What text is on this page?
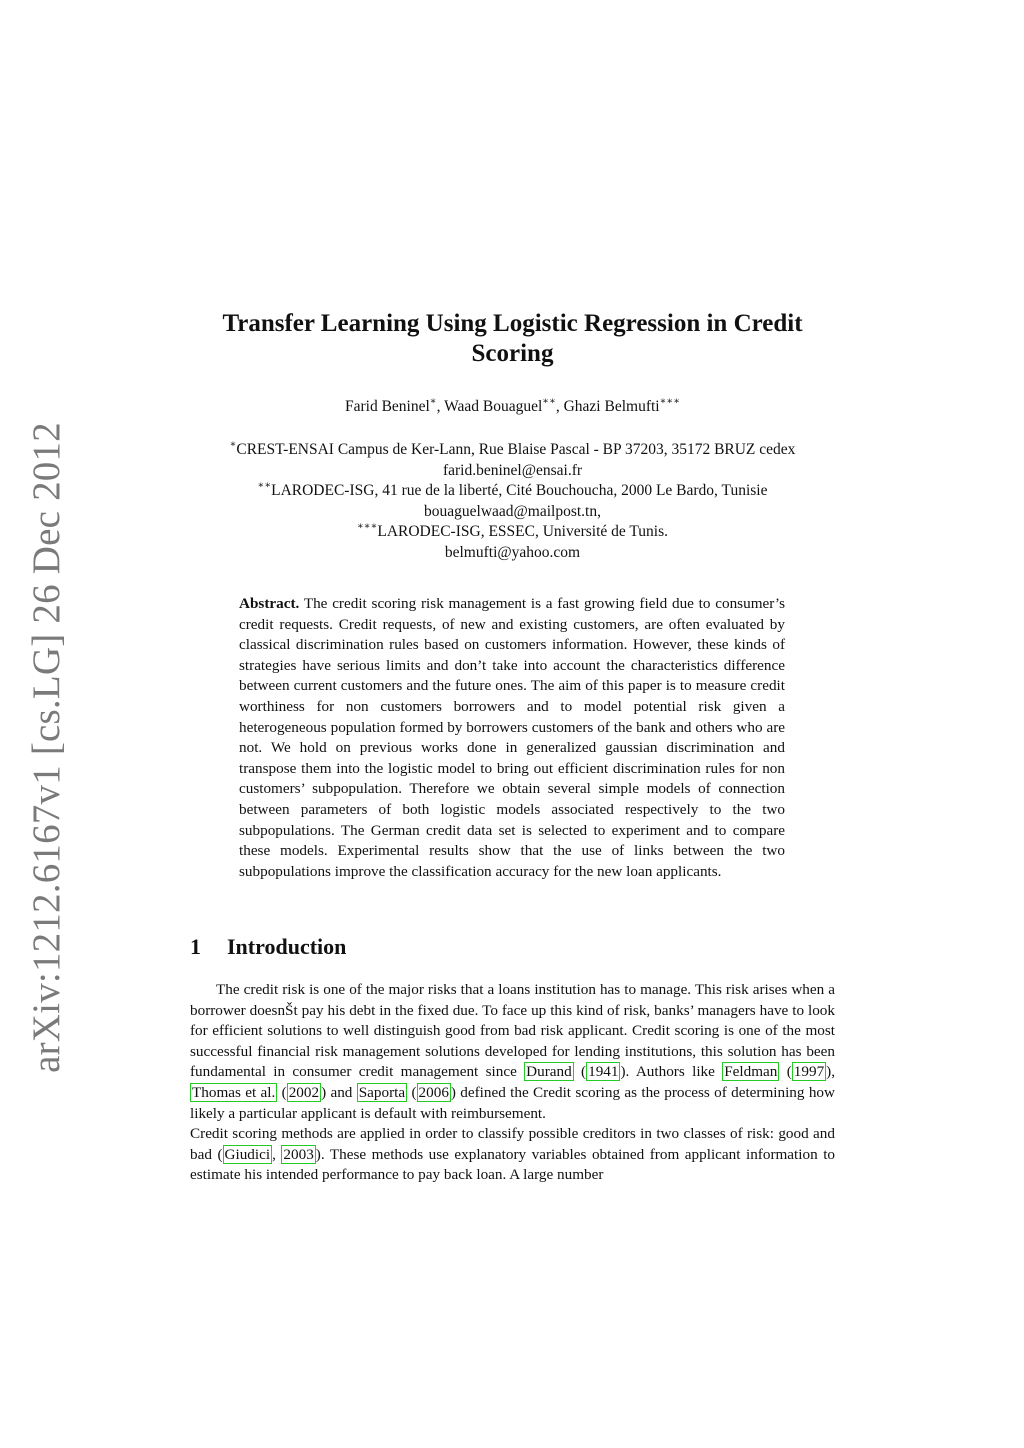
arXiv:1212.6167v1 [cs.LG] 26 Dec 2012
Transfer Learning Using Logistic Regression in Credit Scoring
Farid Beninel∗, Waad Bouaguel∗∗, Ghazi Belmufti∗∗∗
∗CREST-ENSAI Campus de Ker-Lann, Rue Blaise Pascal - BP 37203, 35172 BRUZ cedex
farid.beninel@ensai.fr
∗∗LARODEC-ISG, 41 rue de la liberté, Cité Bouchoucha, 2000 Le Bardo, Tunisie
bouaguelwaad@mailpost.tn,
∗∗∗LARODEC-ISG, ESSEC, Université de Tunis.
belmufti@yahoo.com

Abstract. The credit scoring risk management is a fast growing field due to consumer’s credit requests. Credit requests, of new and existing customers, are often evaluated by classical discrimination rules based on customers information. However, these kinds of strategies have serious limits and don’t take into account the characteristics difference between current customers and the future ones. The aim of this paper is to measure credit worthiness for non customers borrowers and to model potential risk given a heterogeneous population formed by borrowers customers of the bank and others who are not. We hold on previous works done in generalized gaussian discrimination and transpose them into the logistic model to bring out efficient discrimination rules for non customers’ subpopulation. Therefore we obtain several simple models of connection between parameters of both logistic models associated respectively to the two subpopulations. The German credit data set is selected to experiment and to compare these models. Experimental results show that the use of links between the two subpopulations improve the classification accuracy for the new loan applicants.

1 Introduction

The credit risk is one of the major risks that a loans institution has to manage. This risk arises when a borrower doesnŠt pay his debt in the fixed due. To face up this kind of risk, banks’ managers have to look for efficient solutions to well distinguish good from bad risk applicant. Credit scoring is one of the most successful financial risk management solutions developed for lending institutions, this solution has been fundamental in consumer credit management since Durand ( 1941 ). Authors like Feldman ( 1997 ), Thomas et al. ( 2002 ) and Saporta ( 2006 ) defined the Credit scoring as the process of determining how likely a particular applicant is default with reimbursement.

Credit scoring methods are applied in order to classify possible creditors in two classes of risk: good and bad ( Giudici , 2003 ). These methods use explanatory variables obtained from applicant information to estimate his intended performance to pay back loan. A large number
